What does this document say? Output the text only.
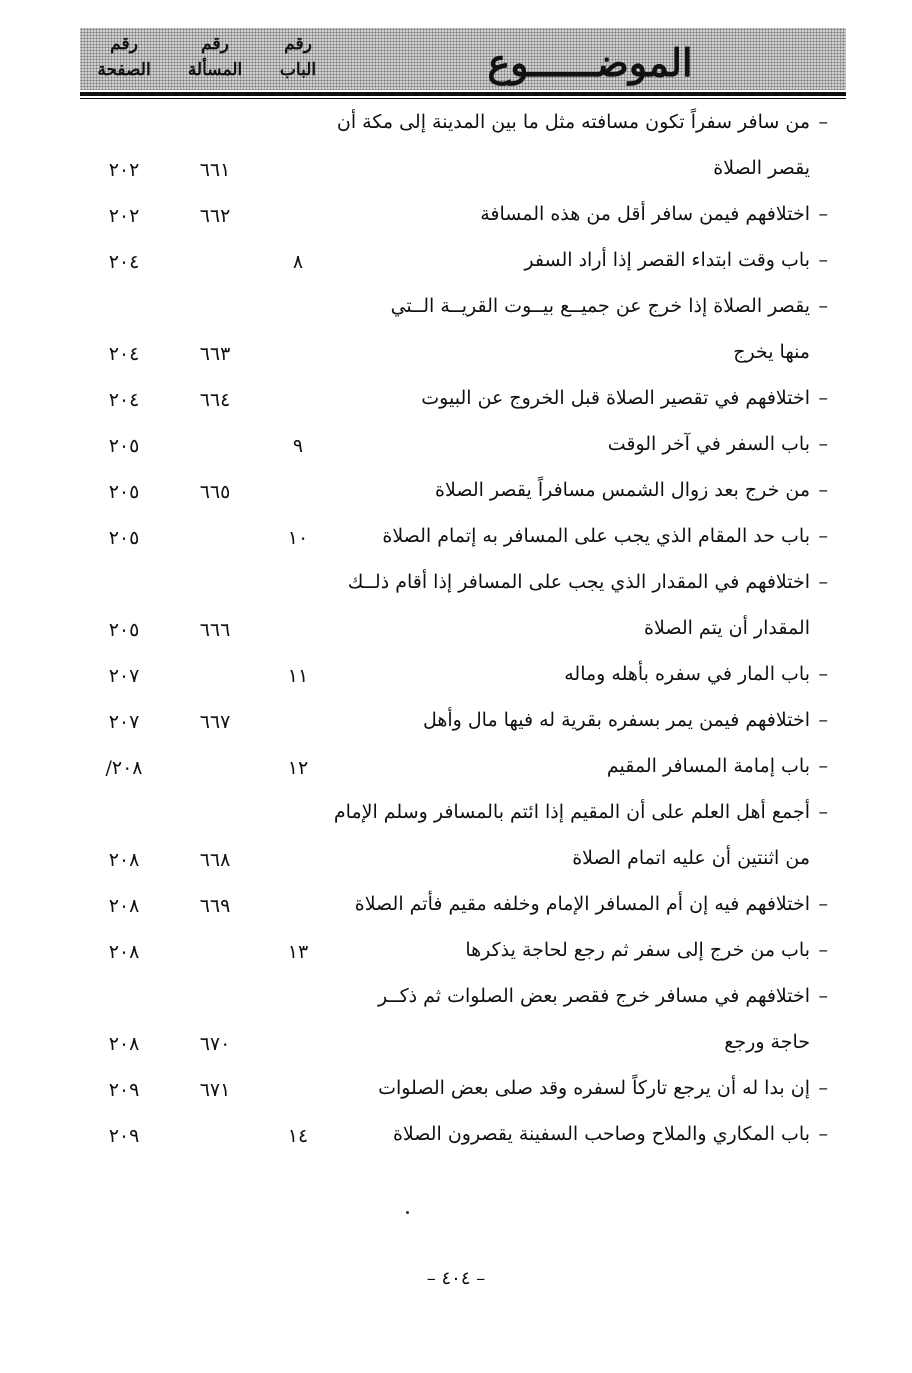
الموضــــــوع
رقم
الباب
رقم
المسألة
رقم
الصفحة
–
من سافر سفراً تكون مسافته مثل ما بين المدينة إلى مكة أن
يقصر الصلاة
٦٦١
٢٠٢
–
اختلافهم فيمن سافر أقل من هذه المسافة
٦٦٢
٢٠٢
–
باب وقت ابتداء القصر إذا أراد السفر
٨
٢٠٤
–
يقصر الصلاة إذا خرج عن جميــع بيــوت القريــة الــتي
منها يخرج
٦٦٣
٢٠٤
–
اختلافهم في تقصير الصلاة قبل الخروج عن البيوت
٦٦٤
٢٠٤
–
باب السفر في آخر الوقت
٩
٢٠٥
–
من خرج بعد زوال الشمس مسافراً يقصر الصلاة
٦٦٥
٢٠٥
–
باب حد المقام الذي يجب على المسافر به إتمام الصلاة
١٠
٢٠٥
–
اختلافهم في المقدار الذي يجب على المسافر إذا أقام ذلــك
المقدار أن يتم الصلاة
٦٦٦
٢٠٥
–
باب المار في سفره بأهله وماله
١١
٢٠٧
–
اختلافهم فيمن يمر بسفره بقرية له فيها مال وأهل
٦٦٧
٢٠٧
–
باب إمامة المسافر المقيم
١٢
٢٠٨/
–
أجمع أهل العلم على أن المقيم إذا ائتم بالمسافر وسلم الإمام
من اثنتين أن عليه اتمام الصلاة
٦٦٨
٢٠٨
–
اختلافهم فيه إن أم المسافر الإمام وخلفه مقيم فأتم الصلاة
٦٦٩
٢٠٨
–
باب من خرج إلى سفر ثم رجع لحاجة يذكرها
١٣
٢٠٨
–
اختلافهم في مسافر خرج فقصر بعض الصلوات ثم ذكــر
حاجة ورجع
٦٧٠
٢٠٨
–
إن بدا له أن يرجع تاركاً لسفره وقد صلى بعض الصلوات
٦٧١
٢٠٩
–
باب المكاري والملاح وصاحب السفينة يقصرون الصلاة
١٤
٢٠٩
– ٤٠٤ –
